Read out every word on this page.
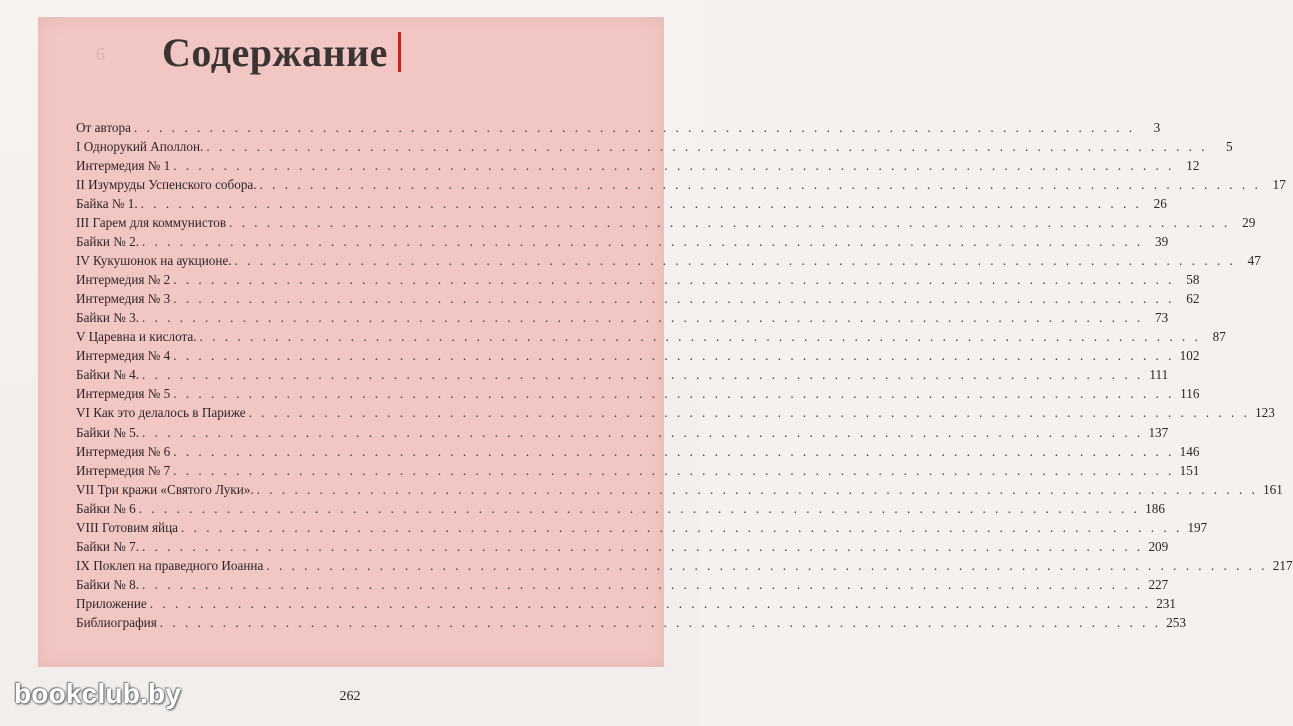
6 Содержание
От автора . . . . . . . . . . . . . . . . . . . . . . . . . . . . . . . . . . . . . . . . . . . . . . . . . . . . . . . . . . . . . . . . . . . . . . . . . . . . . . . .	3
I Однорукий Аполлон. . . . . . . . . . . . . . . . . . . . . . . . . . . . . . . . . . . . . . . . . . . . . . . . . . . . . . . . . . . . . . . . . . . . . . . . . . . . . . . . .	5
Интермедия № 1 . . . . . . . . . . . . . . . . . . . . . . . . . . . . . . . . . . . . . . . . . . . . . . . . . . . . . . . . . . . . . . . . . . . . . . . . . . . . . . . . 12
II Изумруды Успенского собора. . . . . . . . . . . . . . . . . . . . . . . . . . . . . . . . . . . . . . . . . . . . . . . . . . . . . . . . . . . . . . . . . . . . . . . . . . . . . . . . . 17
Байка № 1. . . . . . . . . . . . . . . . . . . . . . . . . . . . . . . . . . . . . . . . . . . . . . . . . . . . . . . . . . . . . . . . . . . . . . . . . . . . . . . . . 26
III Гарем для коммунистов . . . . . . . . . . . . . . . . . . . . . . . . . . . . . . . . . . . . . . . . . . . . . . . . . . . . . . . . . . . . . . . . . . . . . . . . . . . . . . . . 29
Байки № 2. . . . . . . . . . . . . . . . . . . . . . . . . . . . . . . . . . . . . . . . . . . . . . . . . . . . . . . . . . . . . . . . . . . . . . . . . . . . . . . . . 39
IV Кукушонок на аукционе. . . . . . . . . . . . . . . . . . . . . . . . . . . . . . . . . . . . . . . . . . . . . . . . . . . . . . . . . . . . . . . . . . . . . . . . . . . . . . . . . 47
Интермедия № 2 . . . . . . . . . . . . . . . . . . . . . . . . . . . . . . . . . . . . . . . . . . . . . . . . . . . . . . . . . . . . . . . . . . . . . . . . . . . . . . . . 58
Интермедия № 3 . . . . . . . . . . . . . . . . . . . . . . . . . . . . . . . . . . . . . . . . . . . . . . . . . . . . . . . . . . . . . . . . . . . . . . . . . . . . . . . . 62
Байки № 3. . . . . . . . . . . . . . . . . . . . . . . . . . . . . . . . . . . . . . . . . . . . . . . . . . . . . . . . . . . . . . . . . . . . . . . . . . . . . . . . . 73
V Царевна и кислота. . . . . . . . . . . . . . . . . . . . . . . . . . . . . . . . . . . . . . . . . . . . . . . . . . . . . . . . . . . . . . . . . . . . . . . . . . . . . . . . . 87
Интермедия № 4 . . . . . . . . . . . . . . . . . . . . . . . . . . . . . . . . . . . . . . . . . . . . . . . . . . . . . . . . . . . . . . . . . . . . . . . . . . . . . . . . 102
Байки № 4. . . . . . . . . . . . . . . . . . . . . . . . . . . . . . . . . . . . . . . . . . . . . . . . . . . . . . . . . . . . . . . . . . . . . . . . . . . . . . . . . 111
Интермедия № 5 . . . . . . . . . . . . . . . . . . . . . . . . . . . . . . . . . . . . . . . . . . . . . . . . . . . . . . . . . . . . . . . . . . . . . . . . . . . . . . . . 116
VI Как это делалось в Париже . . . . . . . . . . . . . . . . . . . . . . . . . . . . . . . . . . . . . . . . . . . . . . . . . . . . . . . . . . . . . . . . . . . . . . . . . . . . . . . . 123
Байки № 5. . . . . . . . . . . . . . . . . . . . . . . . . . . . . . . . . . . . . . . . . . . . . . . . . . . . . . . . . . . . . . . . . . . . . . . . . . . . . . . . . 137
Интермедия № 6 . . . . . . . . . . . . . . . . . . . . . . . . . . . . . . . . . . . . . . . . . . . . . . . . . . . . . . . . . . . . . . . . . . . . . . . . . . . . . . . . 146
Интермедия № 7 . . . . . . . . . . . . . . . . . . . . . . . . . . . . . . . . . . . . . . . . . . . . . . . . . . . . . . . . . . . . . . . . . . . . . . . . . . . . . . . . 151
VII Три кражи «Святого Луки». . . . . . . . . . . . . . . . . . . . . . . . . . . . . . . . . . . . . . . . . . . . . . . . . . . . . . . . . . . . . . . . . . . . . . . . . . . . . . . . . 161
Байки № 6 . . . . . . . . . . . . . . . . . . . . . . . . . . . . . . . . . . . . . . . . . . . . . . . . . . . . . . . . . . . . . . . . . . . . . . . . . . . . . . . . 186
VIII Готовим яйца . . . . . . . . . . . . . . . . . . . . . . . . . . . . . . . . . . . . . . . . . . . . . . . . . . . . . . . . . . . . . . . . . . . . . . . . . . . . . . . . 197
Байки № 7. . . . . . . . . . . . . . . . . . . . . . . . . . . . . . . . . . . . . . . . . . . . . . . . . . . . . . . . . . . . . . . . . . . . . . . . . . . . . . . . . 209
IX Поклеп на праведного Иоанна . . . . . . . . . . . . . . . . . . . . . . . . . . . . . . . . . . . . . . . . . . . . . . . . . . . . . . . . . . . . . . . . . . . . . . . . . . . . . . . . 217
Байки № 8. . . . . . . . . . . . . . . . . . . . . . . . . . . . . . . . . . . . . . . . . . . . . . . . . . . . . . . . . . . . . . . . . . . . . . . . . . . . . . . . . 227
Приложение . . . . . . . . . . . . . . . . . . . . . . . . . . . . . . . . . . . . . . . . . . . . . . . . . . . . . . . . . . . . . . . . . . . . . . . . . . . . . . . . 231
Библиография . . . . . . . . . . . . . . . . . . . . . . . . . . . . . . . . . . . . . . . . . . . . . . . . . . . . . . . . . . . . . . . . . . . . . . . . . . . . . . . . 253
262
bookclub.by
